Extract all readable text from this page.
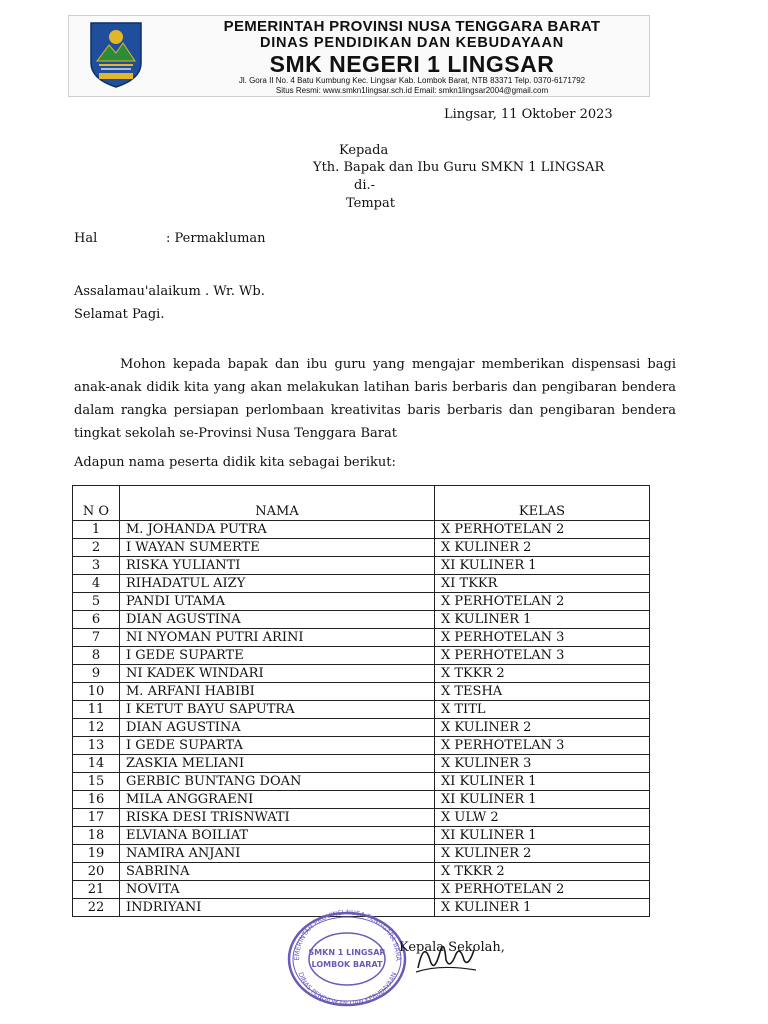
PEMERINTAH PROVINSI NUSA TENGGARA BARAT
DINAS PENDIDIKAN DAN KEBUDAYAAN
SMK NEGERI 1 LINGSAR
Jl. Gora II No. 4 Batu Kumbung Kec. Lingsar Kab. Lombok Barat, NTB 83371 Telp. 0370-6171792
Situs Resmi: www.smkn1lingsar.sch.id Email: smkn1lingsar2004@gmail.com
Lingsar, 11 Oktober 2023
Kepada
Yth. Bapak dan Ibu Guru SMKN 1 LINGSAR
di.-
Tempat
Hal	: Permakluman
Assalamau'alaikum . Wr. Wb.
Selamat Pagi.
Mohon kepada bapak dan ibu guru yang mengajar memberikan dispensasi bagi anak-anak didik kita yang akan melakukan latihan baris berbaris dan pengibaran bendera dalam rangka persiapan perlombaan kreativitas baris berbaris dan pengibaran bendera tingkat sekolah se-Provinsi Nusa Tenggara Barat
Adapun nama peserta didik kita sebagai berikut:
N O	NAMA	KELAS
1	M. JOHANDA PUTRA	X PERHOTELAN 2
2	I WAYAN SUMERTE	X KULINER 2
3	RISKA YULIANTI	XI KULINER 1
4	RIHADATUL AIZY	XI TKKR
5	PANDI UTAMA	X PERHOTELAN 2
6	DIAN AGUSTINA	X KULINER 1
7	NI NYOMAN PUTRI ARINI	X PERHOTELAN 3
8	I GEDE SUPARTE	X PERHOTELAN 3
9	NI KADEK WINDARI	X TKKR 2
10	M. ARFANI HABIBI	X TESHA
11	I KETUT BAYU SAPUTRA	X TITL
12	DIAN AGUSTINA	X KULINER 2
13	I GEDE SUPARTA	X PERHOTELAN 3
14	ZASKIA MELIANI	X KULINER 3
15	GERBIC BUNTANG DOAN	XI KULINER 1
16	MILA ANGGRAENI	XI KULINER 1
17	RISKA DESI TRISNWATI	X ULW 2
18	ELVIANA BOILIAT	XI KULINER 1
19	NAMIRA ANJANI	X KULINER 2
20	SABRINA	X TKKR 2
21	NOVITA	X PERHOTELAN 2
22	INDRIYANI	X KULINER 1
EMERINTAH PROVINSI NUSA TENGGARA BARA
DINAS PENDIDIKAN DAN KEBUDAYAAN
SMKN 1 LINGSAR
LOMBOK BARAT
Kepala Sekolah,
